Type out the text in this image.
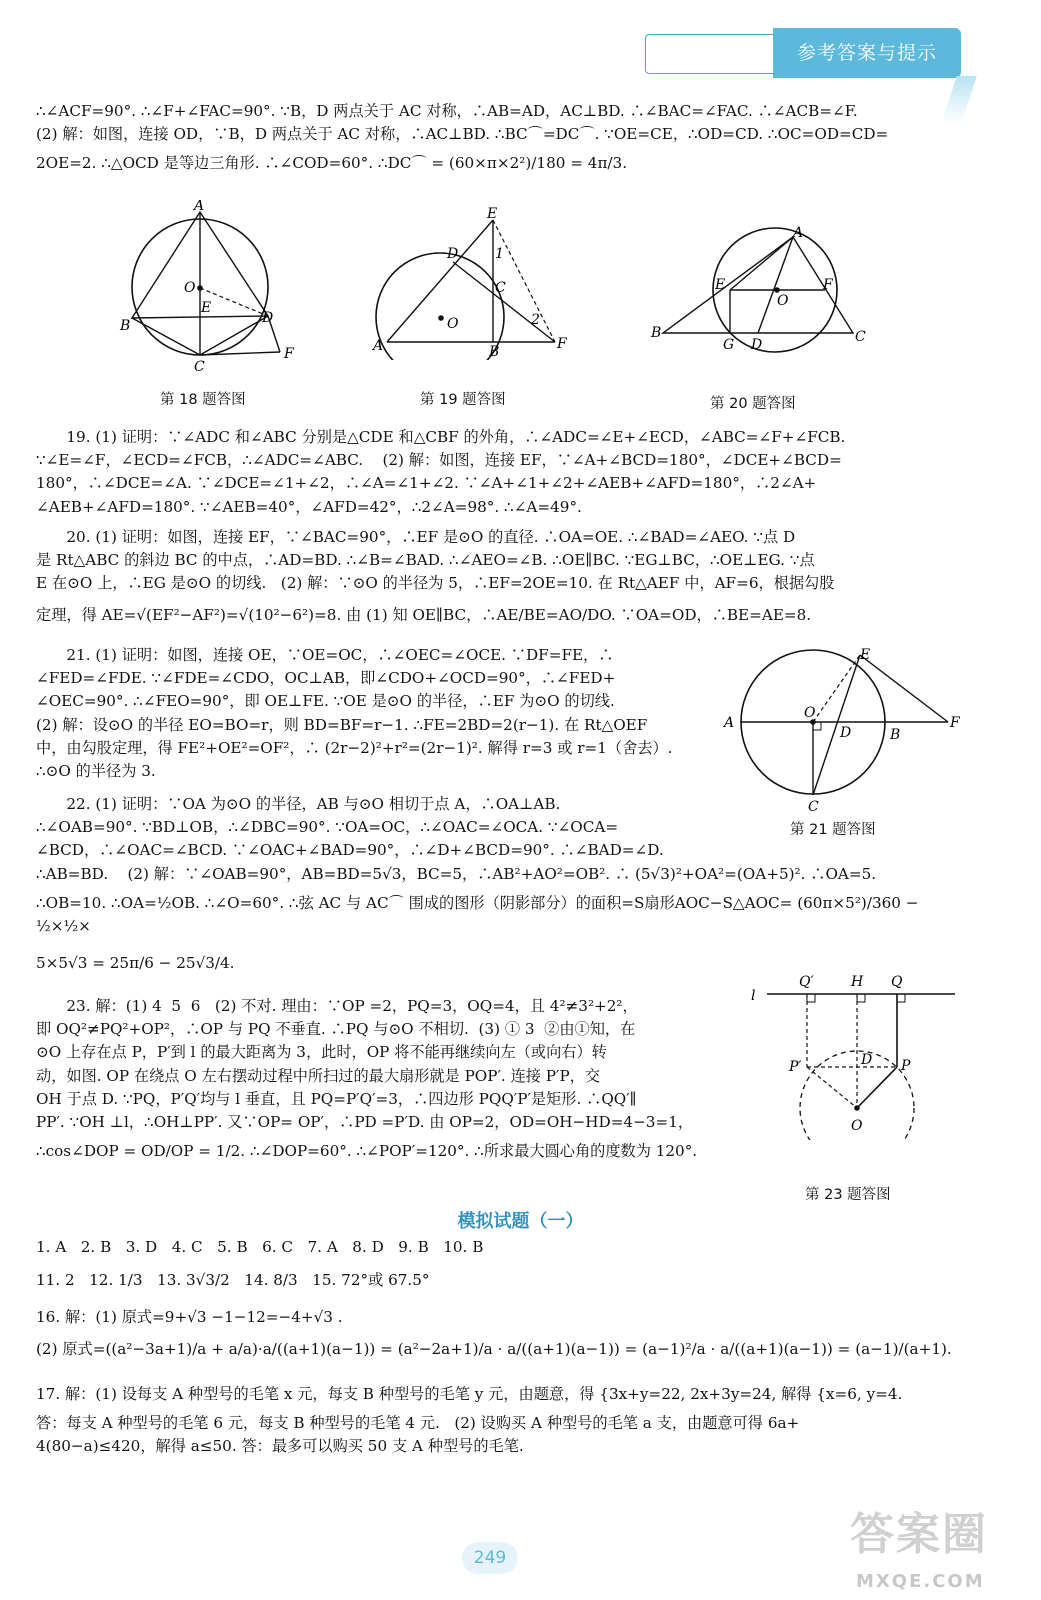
参考答案与提示

∴∠ACF=90°. ∴∠F+∠FAC=90°. ∵B，D 两点关于 AC 对称，∴AB=AD，AC⊥BD. ∴∠BAC=∠FAC. ∴∠ACB=∠F.

(2) 解：如图，连接 OD，∵B，D 两点关于 AC 对称，∴AC⊥BD. ∴BC⌒=DC⌒. ∵OE=CE，∴OD=CD. ∴OC=OD=CD=

2OE=2. ∴△OCD 是等边三角形. ∴∠COD=60°. ∴DC⌒ = (60×π×2²)/180 = 4π/3.

A
O
E
B	D
C
F
第 18 题答图
E
D	1
C
2
O
A	B	F
第 19 题答图
A
E
O
F
B
G D	C
第 20 题答图

19. (1) 证明：∵∠ADC 和∠ABC 分别是△CDE 和△CBF 的外角，∴∠ADC=∠E+∠ECD，∠ABC=∠F+∠FCB.

∵∠E=∠F，∠ECD=∠FCB，∴∠ADC=∠ABC.    (2) 解：如图，连接 EF，∵∠A+∠BCD=180°，∠DCE+∠BCD=

180°，∴∠DCE=∠A. ∵∠DCE=∠1+∠2，∴∠A=∠1+∠2. ∵∠A+∠1+∠2+∠AEB+∠AFD=180°，∴2∠A+

∠AEB+∠AFD=180°. ∵∠AEB=40°，∠AFD=42°，∴2∠A=98°. ∴∠A=49°.

20. (1) 证明：如图，连接 EF，∵∠BAC=90°，∴EF 是⊙O 的直径. ∴OA=OE. ∴∠BAD=∠AEO. ∵点 D

是 Rt△ABC 的斜边 BC 的中点，∴AD=BD. ∴∠B=∠BAD. ∴∠AEO=∠B. ∴OE∥BC. ∵EG⊥BC，∴OE⊥EG. ∵点

E 在⊙O 上，∴EG 是⊙O 的切线.   (2) 解：∵⊙O 的半径为 5，∴EF=2OE=10. 在 Rt△AEF 中，AF=6，根据勾股

定理，得 AE=√(EF²−AF²)=√(10²−6²)=8. 由 (1) 知 OE∥BC，∴AE/BE=AO/DO. ∵OA=OD，∴BE=AE=8.

21. (1) 证明：如图，连接 OE，∵OE=OC，∴∠OEC=∠OCE. ∵DF=FE，∴

∠FED=∠FDE. ∵∠FDE=∠CDO，OC⊥AB，即∠CDO+∠OCD=90°，∴∠FED+

∠OEC=90°. ∴∠FEO=90°，即 OE⊥FE. ∵OE 是⊙O 的半径，∴EF 为⊙O 的切线.

(2) 解：设⊙O 的半径 EO=BO=r，则 BD=BF=r−1. ∴FE=2BD=2(r−1). 在 Rt△OEF

中，由勾股定理，得 FE²+OE²=OF²，∴ (2r−2)²+r²=(2r−1)². 解得 r=3 或 r=1（舍去）.

∴⊙O 的半径为 3.

E
A
O
D	B
F
C
第 21 题答图

22. (1) 证明：∵OA 为⊙O 的半径，AB 与⊙O 相切于点 A，∴OA⊥AB.

∴∠OAB=90°. ∵BD⊥OB，∴∠DBC=90°. ∵OA=OC，∴∠OAC=∠OCA. ∵∠OCA=

∠BCD，∴∠OAC=∠BCD. ∵∠OAC+∠BAD=90°，∴∠D+∠BCD=90°. ∴∠BAD=∠D.

∴AB=BD.    (2) 解：∵∠OAB=90°，AB=BD=5√3，BC=5，∴AB²+AO²=OB². ∴ (5√3)²+OA²=(OA+5)². ∴OA=5.

∴OB=10. ∴OA=½OB. ∴∠O=60°. ∴弦 AC 与 AC⌒ 围成的图形（阴影部分）的面积=S扇形AOC−S△AOC= (60π×5²)/360 − ½×½×

5×5√3 = 25π/6 − 25√3/4.

23. 解：(1) 4  5  6   (2) 不对. 理由：∵OP =2，PQ=3，OQ=4，且 4²≠3²+2²，

即 OQ²≠PQ²+OP²，∴OP 与 PQ 不垂直. ∴PQ 与⊙O 不相切.  (3) ① 3  ②由①知，在

⊙O 上存在点 P，P′到 l 的最大距离为 3，此时，OP 将不能再继续向左（或向右）转

动，如图. OP 在绕点 O 左右摆动过程中所扫过的最大扇形就是 POP′. 连接 P′P，交

OH 于点 D. ∵PQ，P′Q′均与 l 垂直，且 PQ=P′Q′=3，∴四边形 PQQ′P′是矩形. ∴QQ′∥

PP′. ∵OH ⊥l，∴OH⊥PP′. 又∵OP= OP′，∴PD =P′D. 由 OP=2，OD=OH−HD=4−3=1，

∴cos∠DOP = OD/OP = 1/2. ∴∠DOP=60°. ∴∠POP′=120°. ∴所求最大圆心角的度数为 120°.

l
Q′	H Q
P′	D P
O
第 23 题答图
模拟试题（一）

1. A   2. B   3. D   4. C   5. B   6. C   7. A   8. D   9. B   10. B

11. 2   12. 1/3   13. 3√3/2   14. 8/3   15. 72°或 67.5°

16. 解：(1) 原式=9+√3 −1−12=−4+√3 .

(2) 原式=((a²−3a+1)/a + a/a)·a/((a+1)(a−1)) = (a²−2a+1)/a · a/((a+1)(a−1)) = (a−1)²/a · a/((a+1)(a−1)) = (a−1)/(a+1).

17. 解：(1) 设每支 A 种型号的毛笔 x 元，每支 B 种型号的毛笔 y 元，由题意，得 {3x+y=22, 2x+3y=24, 解得 {x=6, y=4.

答：每支 A 种型号的毛笔 6 元，每支 B 种型号的毛笔 4 元.   (2) 设购买 A 种型号的毛笔 a 支，由题意可得 6a+

4(80−a)≤420，解得 a≤50. 答：最多可以购买 50 支 A 种型号的毛笔.

249	答案圈
MXQE.COM
